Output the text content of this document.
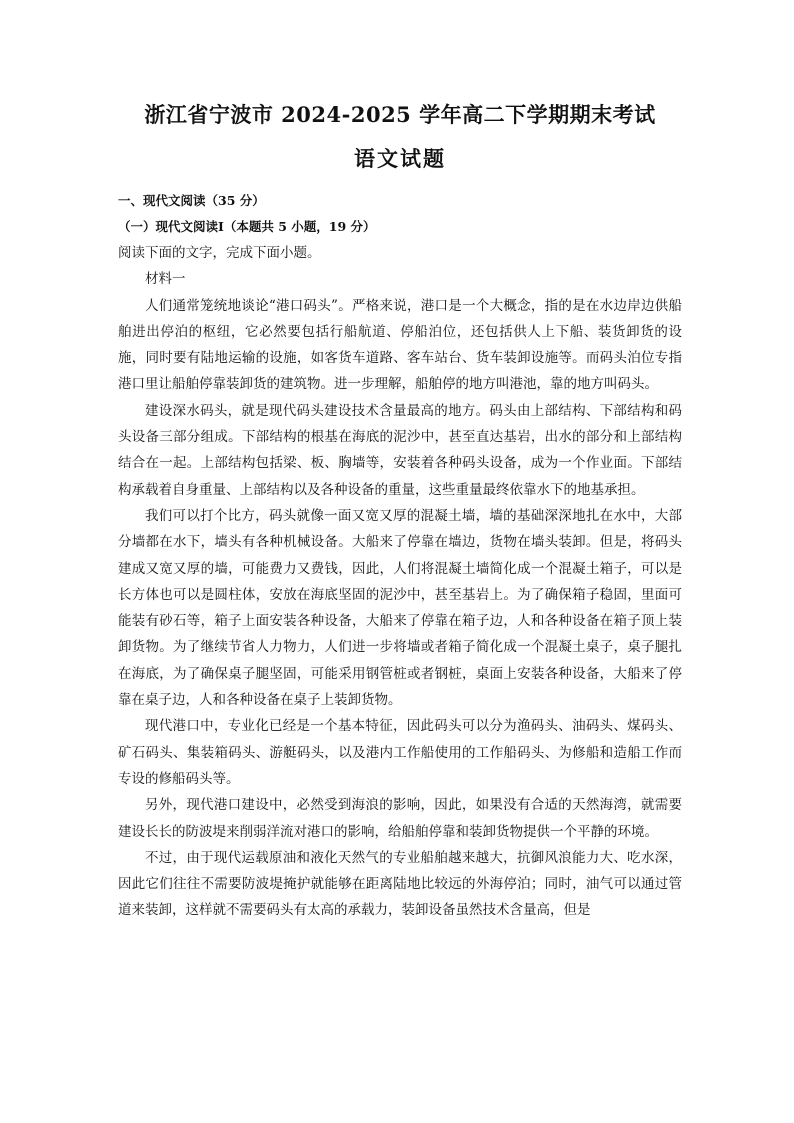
浙江省宁波市 2024-2025 学年高二下学期期末考试
语文试题

一、现代文阅读（35 分）

（一）现代文阅读Ⅰ（本题共 5 小题，19 分）

阅读下面的文字，完成下面小题。

材料一

人们通常笼统地谈论“港口码头”。严格来说，港口是一个大概念，指的是在水边岸边供船舶进出停泊的枢纽，它必然要包括行船航道、停船泊位，还包括供人上下船、装货卸货的设施，同时要有陆地运输的设施，如客货车道路、客车站台、货车装卸设施等。而码头泊位专指港口里让船舶停靠装卸货的建筑物。进一步理解，船舶停的地方叫港池，靠的地方叫码头。

建设深水码头，就是现代码头建设技术含量最高的地方。码头由上部结构、下部结构和码头设备三部分组成。下部结构的根基在海底的泥沙中，甚至直达基岩，出水的部分和上部结构结合在一起。上部结构包括梁、板、胸墙等，安装着各种码头设备，成为一个作业面。下部结构承载着自身重量、上部结构以及各种设备的重量，这些重量最终依靠水下的地基承担。

我们可以打个比方，码头就像一面又宽又厚的混凝土墙，墙的基础深深地扎在水中，大部分墙都在水下，墙头有各种机械设备。大船来了停靠在墙边，货物在墙头装卸。但是，将码头建成又宽又厚的墙，可能费力又费钱，因此，人们将混凝土墙简化成一个混凝土箱子，可以是长方体也可以是圆柱体，安放在海底坚固的泥沙中，甚至基岩上。为了确保箱子稳固，里面可能装有砂石等，箱子上面安装各种设备，大船来了停靠在箱子边，人和各种设备在箱子顶上装卸货物。为了继续节省人力物力，人们进一步将墙或者箱子简化成一个混凝土桌子，桌子腿扎在海底，为了确保桌子腿坚固，可能采用钢管桩或者钢桩，桌面上安装各种设备，大船来了停靠在桌子边，人和各种设备在桌子上装卸货物。

现代港口中，专业化已经是一个基本特征，因此码头可以分为渔码头、油码头、煤码头、矿石码头、集装箱码头、游艇码头，以及港内工作船使用的工作船码头、为修船和造船工作而专设的修船码头等。

另外，现代港口建设中，必然受到海浪的影响，因此，如果没有合适的天然海湾，就需要建设长长的防波堤来削弱洋流对港口的影响，给船舶停靠和装卸货物提供一个平静的环境。

不过，由于现代运载原油和液化天然气的专业船舶越来越大，抗御风浪能力大、吃水深，因此它们往往不需要防波堤掩护就能够在距离陆地比较远的外海停泊；同时，油气可以通过管道来装卸，这样就不需要码头有太高的承载力，装卸设备虽然技术含量高，但是
